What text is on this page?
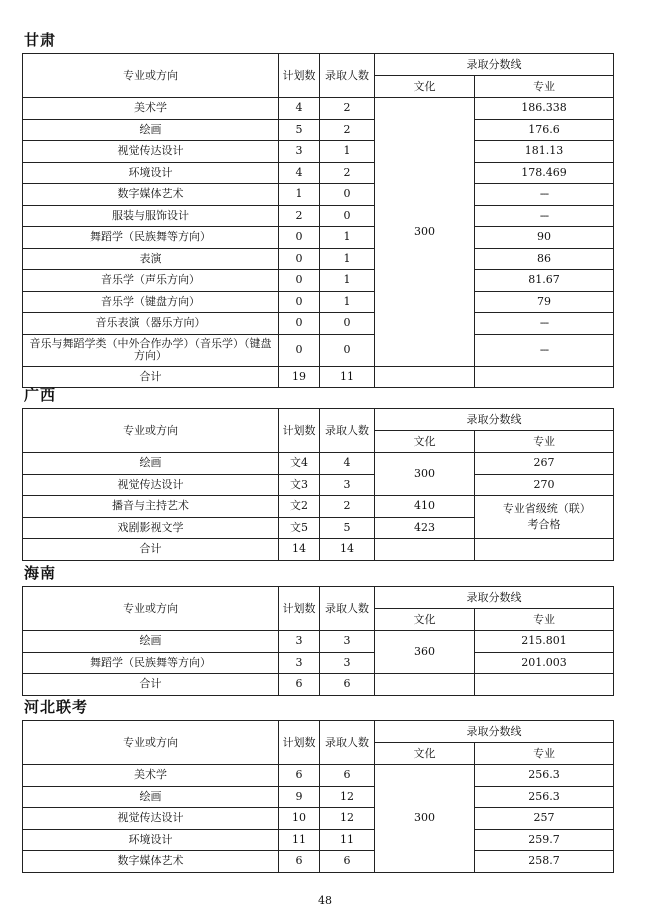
甘肃
专业或方向	计划数	录取人数	录取分数线	
			文化	专业
美术学	4	2	300	186.338
绘画	5	2		176.6
视觉传达设计	3	1		181.13
环境设计	4	2		178.469
数字媒体艺术	1	0		---
服装与服饰设计	2	0		---
舞蹈学（民族舞等方向）	0	1		90
表演	0	1		86
音乐学（声乐方向）	0	1		81.67
音乐学（键盘方向）	0	1		79
音乐表演（器乐方向）	0	0		---
音乐与舞蹈学类（中外合作办学）（音乐学）（键盘方向）	0	0		---
合计	19	11		
广西
专业或方向	计划数	录取人数	录取分数线	
			文化	专业
绘画	文4	4	300	267
视觉传达设计	文3	3		270
播音与主持艺术	文2	2	410	专业省级统（联）考合格
戏剧影视文学	文5	5	423	
合计	14	14		
海南
专业或方向	计划数	录取人数	录取分数线	
			文化	专业
绘画	3	3	360	215.801
舞蹈学（民族舞等方向）	3	3		201.003
合计	6	6		
河北联考
专业或方向	计划数	录取人数	录取分数线	
			文化	专业
美术学	6	6	300	256.3
绘画	9	12		256.3
视觉传达设计	10	12		257
环境设计	11	11		259.7
数字媒体艺术	6	6		258.7
48
